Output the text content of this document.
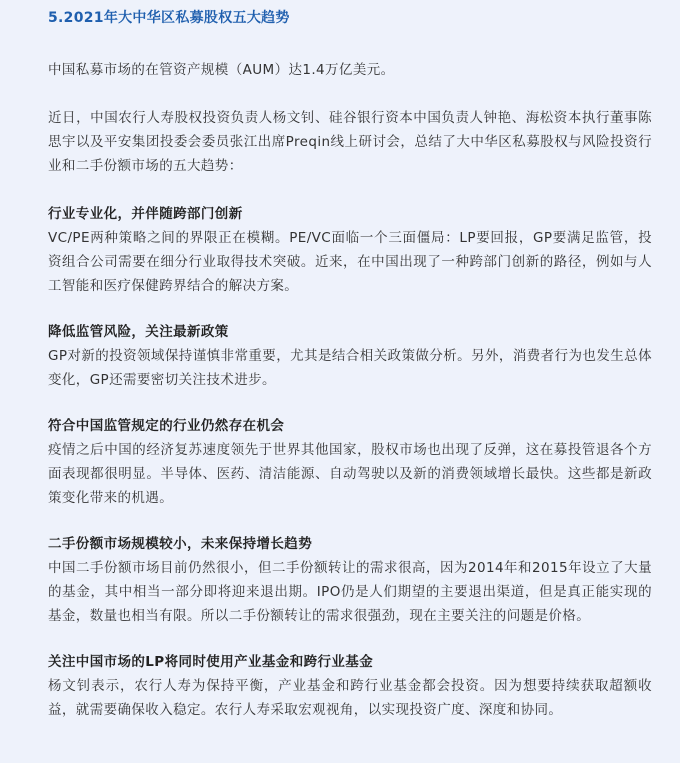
5.2021年大中华区私募股权五大趋势

中国私募市场的在管资产规模（AUM）达1.4万亿美元。

近日，中国农行人寿股权投资负责人杨文钊、硅谷银行资本中国负责人钟艳、海松资本执行董事陈思宇以及平安集团投委会委员张江出席Preqin线上研讨会，总结了大中华区私募股权与风险投资行业和二手份额市场的五大趋势：

行业专业化，并伴随跨部门创新

VC/PE两种策略之间的界限正在模糊。PE/VC面临一个三面僵局：LP要回报，GP要满足监管，投资组合公司需要在细分行业取得技术突破。近来，在中国出现了一种跨部门创新的路径，例如与人工智能和医疗保健跨界结合的解决方案。

降低监管风险，关注最新政策

GP对新的投资领域保持谨慎非常重要，尤其是结合相关政策做分析。另外，消费者行为也发生总体变化，GP还需要密切关注技术进步。

符合中国监管规定的行业仍然存在机会

疫情之后中国的经济复苏速度领先于世界其他国家，股权市场也出现了反弹，这在募投管退各个方面表现都很明显。半导体、医药、清洁能源、自动驾驶以及新的消费领域增长最快。这些都是新政策变化带来的机遇。

二手份额市场规模较小，未来保持增长趋势

中国二手份额市场目前仍然很小，但二手份额转让的需求很高，因为2014年和2015年设立了大量的基金，其中相当一部分即将迎来退出期。IPO仍是人们期望的主要退出渠道，但是真正能实现的基金，数量也相当有限。所以二手份额转让的需求很强劲，现在主要关注的问题是价格。

关注中国市场的LP将同时使用产业基金和跨行业基金

杨文钊表示，农行人寿为保持平衡，产业基金和跨行业基金都会投资。因为想要持续获取超额收益，就需要确保收入稳定。农行人寿采取宏观视角，以实现投资广度、深度和协同。
